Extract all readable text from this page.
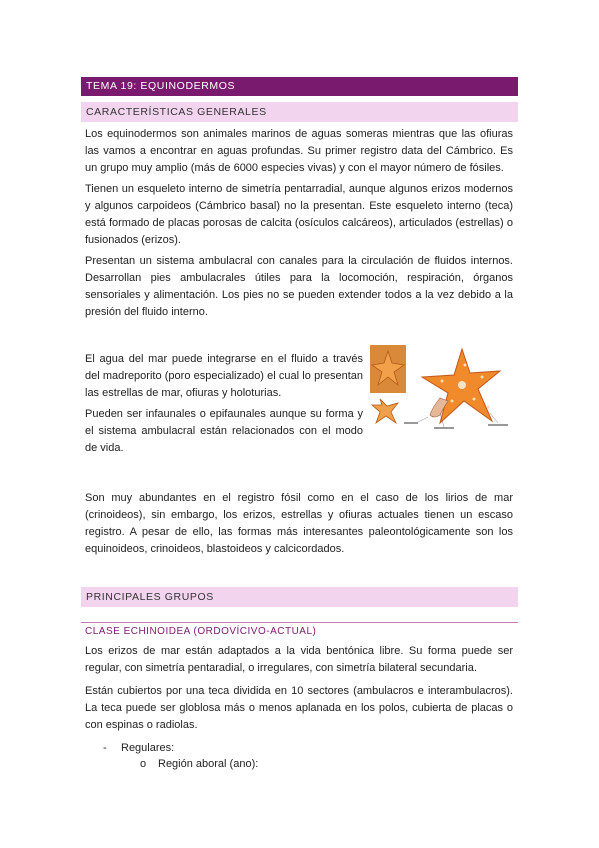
TEMA 19: EQUINODERMOS
CARACTERÍSTICAS GENERALES

Los equinodermos son animales marinos de aguas someras mientras que las ofiuras las vamos a encontrar en aguas profundas. Su primer registro data del Cámbrico. Es un grupo muy amplio (más de 6000 especies vivas) y con el mayor número de fósiles.

Tienen un esqueleto interno de simetría pentarradial, aunque algunos erizos modernos y algunos carpoideos (Cámbrico basal) no la presentan. Este esqueleto interno (teca) está formado de placas porosas de calcita (osículos calcáreos), articulados (estrellas) o fusionados (erizos).

Presentan un sistema ambulacral con canales para la circulación de fluidos internos. Desarrollan pies ambulacrales útiles para la locomoción, respiración, órganos sensoriales y alimentación. Los pies no se pueden extender todos a la vez debido a la presión del fluido interno.

El agua del mar puede integrarse en el fluido a través del madreporito (poro especializado) el cual lo presentan las estrellas de mar, ofiuras y holoturias.

Pueden ser infaunales o epifaunales aunque su forma y el sistema ambulacral están relacionados con el modo de vida.

Son muy abundantes en el registro fósil como en el caso de los lirios de mar (crinoideos), sin embargo, los erizos, estrellas y ofiuras actuales tienen un escaso registro. A pesar de ello, las formas más interesantes paleontológicamente son los equinoideos, crinoideos, blastoideos y calcicordados.

PRINCIPALES GRUPOS
CLASE ECHINOIDEA (ORDOVÍCIVO-ACTUAL)

Los erizos de mar están adaptados a la vida bentónica libre. Su forma puede ser regular, con simetría pentaradial, o irregulares, con simetría bilateral secundaria.

Están cubiertos por una teca dividida en 10 sectores (ambulacros e interambulacros). La teca puede ser globlosa más o menos aplanada en los polos, cubierta de placas o con espinas o radiolas.

- Regulares:
o Región aboral (ano):
